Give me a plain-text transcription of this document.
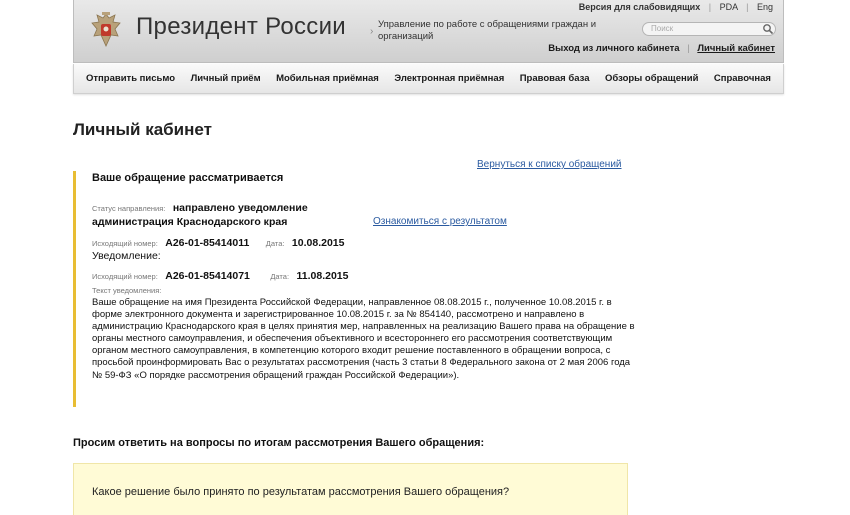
Президент России ›
Управление по работе с обращениями граждан и организаций
Версия для слабовидящих | PDA | Eng
Поиск
Выход из личного кабинета | Личный кабинет
Отправить письмо Личный приём Мобильная приёмная Электронная приёмная Правовая база Обзоры обращений Справочная
Личный кабинет
Вернуться к списку обращений
Ваше обращение рассматривается
Статус направления: направлено уведомление
администрация Краснодарского края	Ознакомиться с результатом
Исходящий номер: А26-01-85414011 Дата: 10.08.2015
Уведомление:
Исходящий номер: А26-01-85414071	Дата: 11.08.2015
Текст уведомления:
Ваше обращение на имя Президента Российской Федерации, направленное 08.08.2015 г., полученное 10.08.2015 г. в форме электронного документа и зарегистрированное 10.08.2015 г. за № 854140, рассмотрено и направлено в администрацию Краснодарского края в целях принятия мер, направленных на реализацию Вашего права на обращение в органы местного самоуправления, и обеспечения объективного и всестороннего его рассмотрения соответствующим органом местного самоуправления, в компетенцию которого входит решение поставленного в обращении вопроса, с просьбой проинформировать Вас о результатах рассмотрения (часть 3 статьи 8 Федерального закона от 2 мая 2006 года № 59-ФЗ «О порядке рассмотрения обращений граждан Российской Федерации»).
Просим ответить на вопросы по итогам рассмотрения Вашего обращения:
Какое решение было принято по результатам рассмотрения Вашего обращения?
